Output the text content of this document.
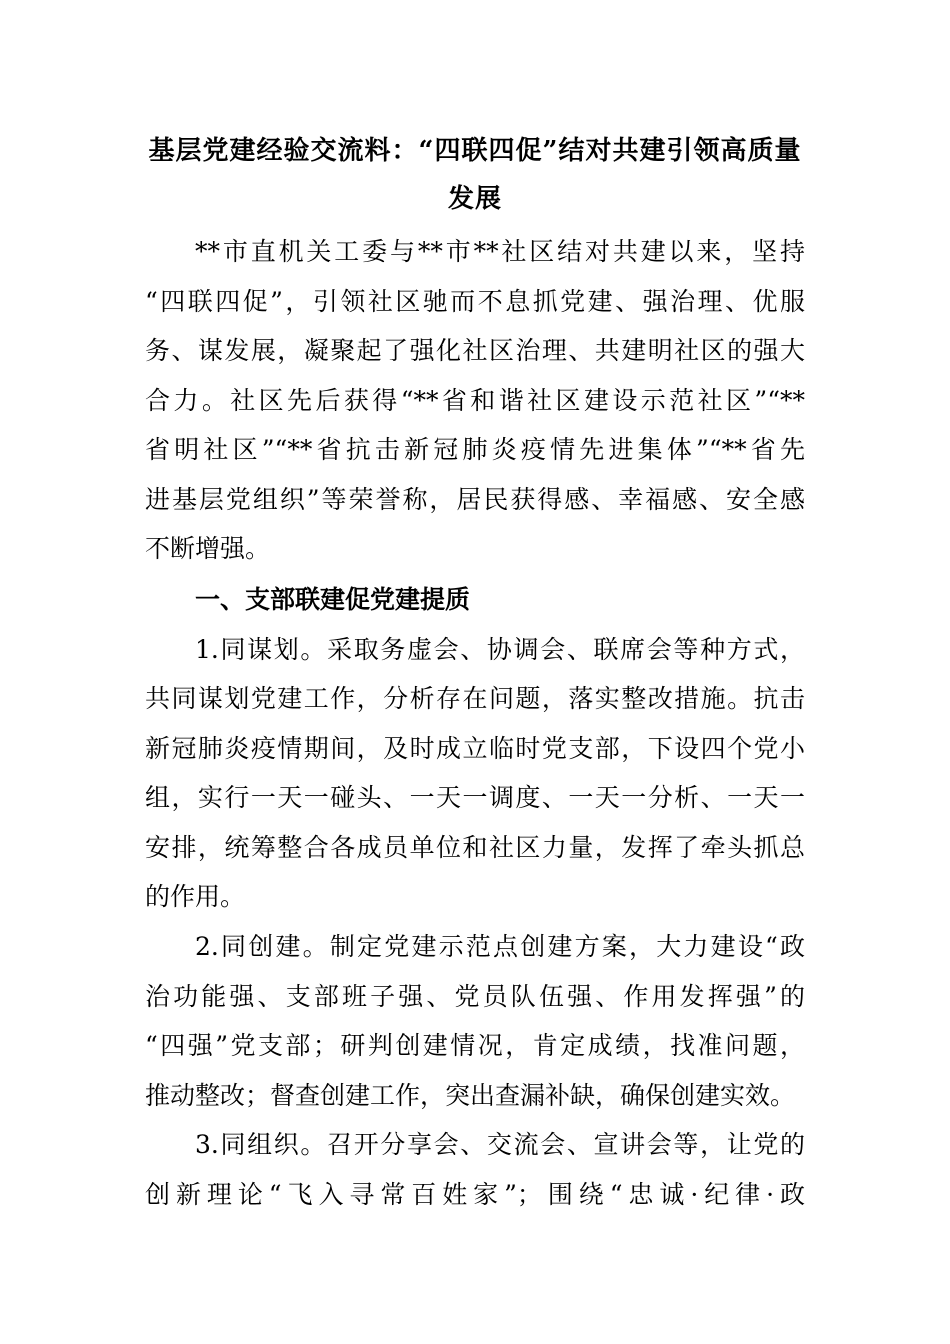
基层党建经验交流料：“四联四促”结对共建引领高质量
发展
**市直机关工委与**市**社区结对共建以来，坚持
“四联四促”，引领社区驰而不息抓党建、强治理、优服
务、谋发展，凝聚起了强化社区治理、共建明社区的强大
合力。社区先后获得“**省和谐社区建设示范社区”“**
省明社区”“**省抗击新冠肺炎疫情先进集体”“**省先
进基层党组织”等荣誉称，居民获得感、幸福感、安全感
不断增强。
一、支部联建促党建提质
1.同谋划。采取务虚会、协调会、联席会等种方式，
共同谋划党建工作，分析存在问题，落实整改措施。抗击
新冠肺炎疫情期间，及时成立临时党支部，下设四个党小
组，实行一天一碰头、一天一调度、一天一分析、一天一
安排，统筹整合各成员单位和社区力量，发挥了牵头抓总
的作用。
2.同创建。制定党建示范点创建方案，大力建设“政
治功能强、支部班子强、党员队伍强、作用发挥强”的
“四强”党支部；研判创建情况，肯定成绩，找准问题，
推动整改；督查创建工作，突出查漏补缺，确保创建实效。
3.同组织。召开分享会、交流会、宣讲会等，让党的
创新理论“飞入寻常百姓家”；围绕“忠诚·纪律·政
